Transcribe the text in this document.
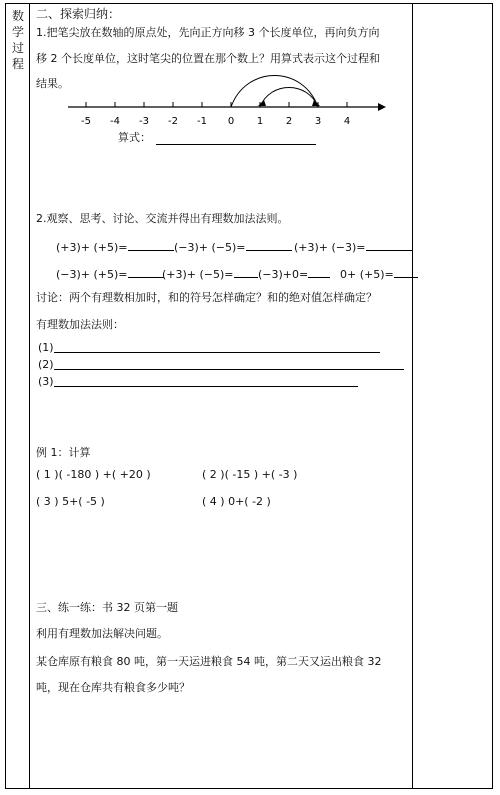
数
学
过
程
二、探索归纳：
1.把笔尖放在数轴的原点处，先向正方向移 3 个长度单位，再向负方向
移 2 个长度单位，这时笔尖的位置在那个数上？用算式表示这个过程和
结果。
-5 -4 -3 -2 -1 0 1 2 3 4
算式：
2.观察、思考、讨论、交流并得出有理数加法法则。
(+3)+ (+5)=	(−3)+ (−5)=	(+3)+ (−3)=
(−3)+ (+5)=	(+3)+ (−5)=	(−3)+0=	0+ (+5)=
讨论：两个有理数相加时，和的符号怎样确定？和的绝对值怎样确定？
有理数加法法则：
(1)
(2)
(3)
例 1：计算
( 1 )( -180 ) +( +20 )	( 2 )( -15 ) +( -3 )
( 3 ) 5+( -5 )	( 4 ) 0+( -2 )
三、练一练：书 32 页第一题
利用有理数加法解决问题。
某仓库原有粮食 80 吨，第一天运进粮食 54 吨，第二天又运出粮食 32
吨，现在仓库共有粮食多少吨？
